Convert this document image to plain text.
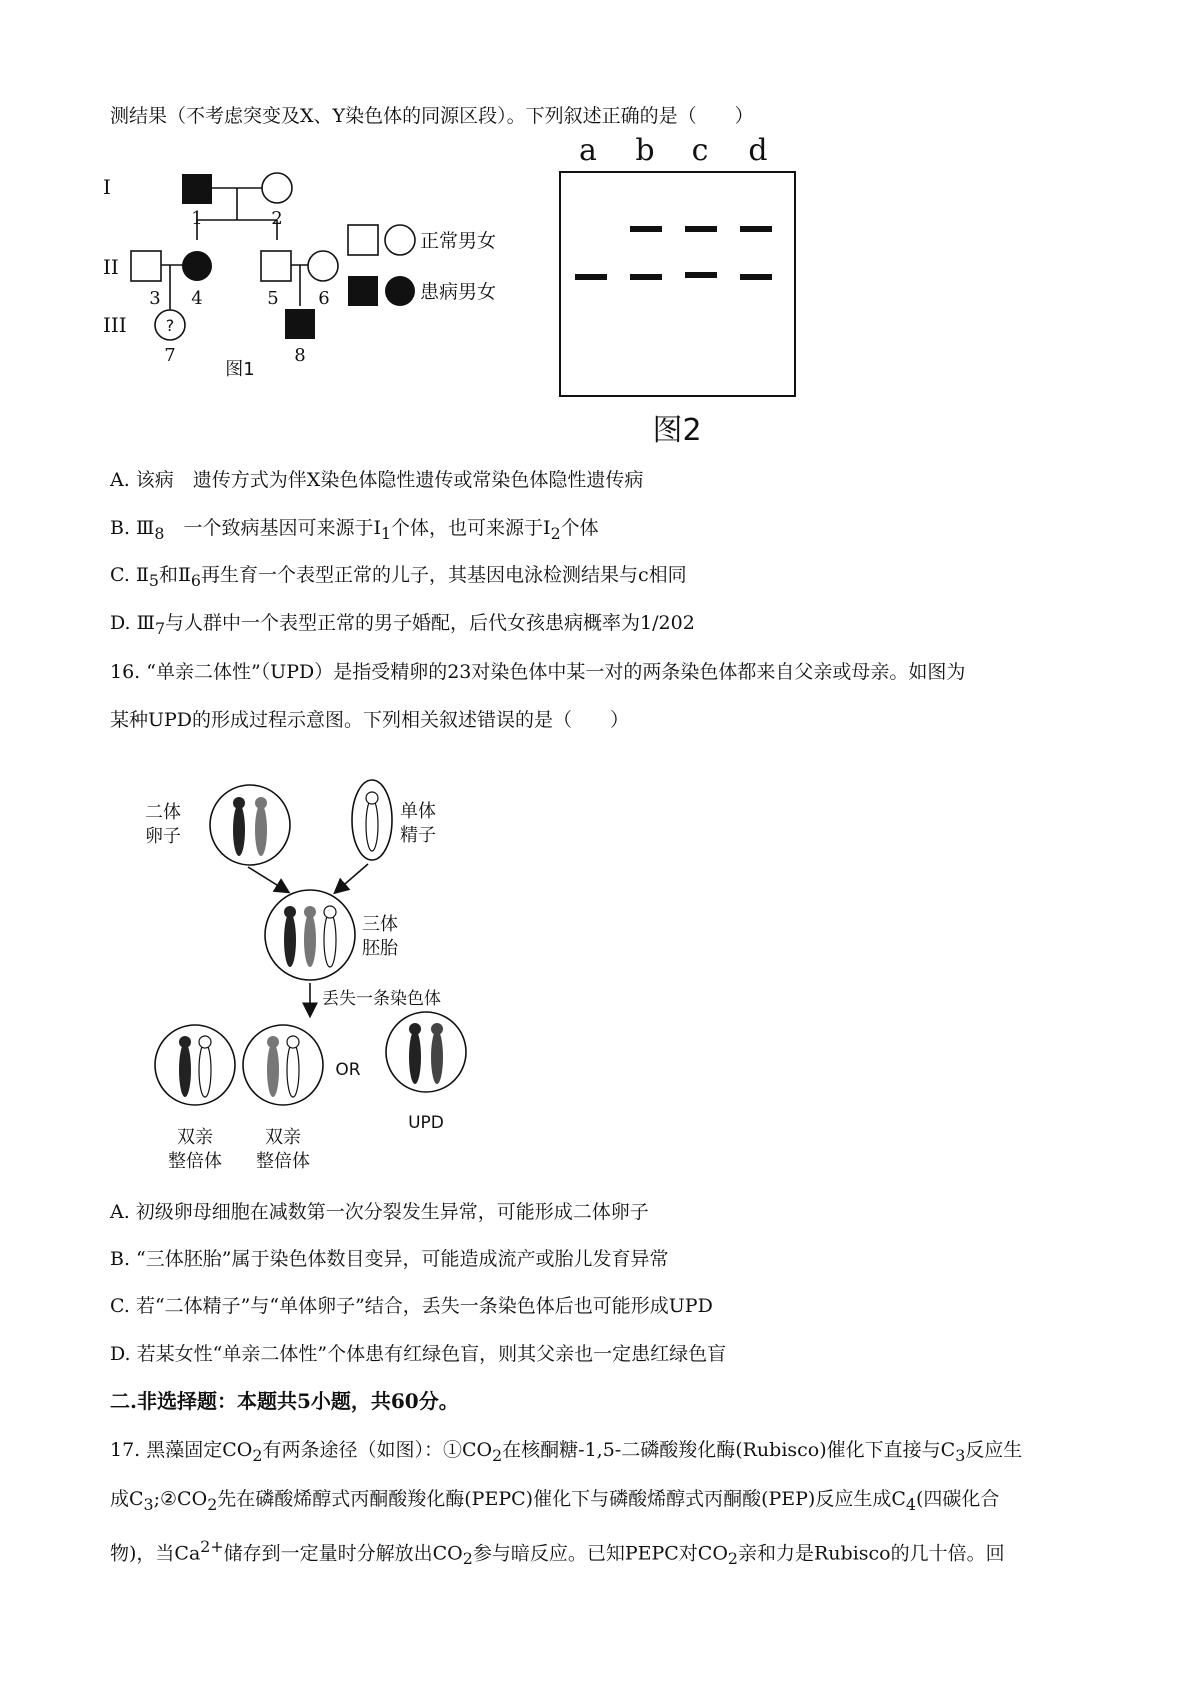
测结果（不考虑突变及X、Y染色体的同源区段）。下列叙述正确的是（　　）
?
I
II
III
1	2
3 4	5 6
7	8
图1
正常男女
患病男女
a b c d
图2
A. 该病　遗传方式为伴X染色体隐性遗传或常染色体隐性遗传病
B. $Ⅲ_8$　一个致病基因可来源于$I_1$个体，也可来源于$I_2$个体
C. $Ⅱ_5$和$Ⅱ_6$再生育一个表型正常的儿子，其基因电泳检测结果与c相同
D. $Ⅲ_7$与人群中一个表型正常的男子婚配，后代女孩患病概率为1/202
16. “单亲二体性”（UPD）是指受精卵的23对染色体中某一对的两条染色体都来自父亲或母亲。如图为
某种UPD的形成过程示意图。下列相关叙述错误的是（　　）
二体
卵子
单体
精子
三体
胚胎
丢失一条染色体
双亲
整倍体
双亲
整倍体
OR
UPD
A. 初级卵母细胞在减数第一次分裂发生异常，可能形成二体卵子
B. “三体胚胎”属于染色体数目变异，可能造成流产或胎儿发育异常
C. 若“二体精子”与“单体卵子”结合，丢失一条染色体后也可能形成UPD
D. 若某女性“单亲二体性”个体患有红绿色盲，则其父亲也一定患红绿色盲
二.非选择题：本题共5小题，共60分。
17. 黑藻固定$CO_2$有两条途径（如图）：$①CO_2$在核酮糖-1,5-二磷酸羧化酶(Rubisco)催化下直接与$C_3$反应生
成$C_3;②CO_2$先在磷酸烯醇式丙酮酸羧化酶(PEPC)催化下与磷酸烯醇式丙酮酸(PEP)反应生成$C_4$(四碳化合
物)，当$Ca^{2+}$储存到一定量时分解放出$CO_2$参与暗反应。已知PEPC对$CO_2$亲和力是Rubisco的几十倍。回
